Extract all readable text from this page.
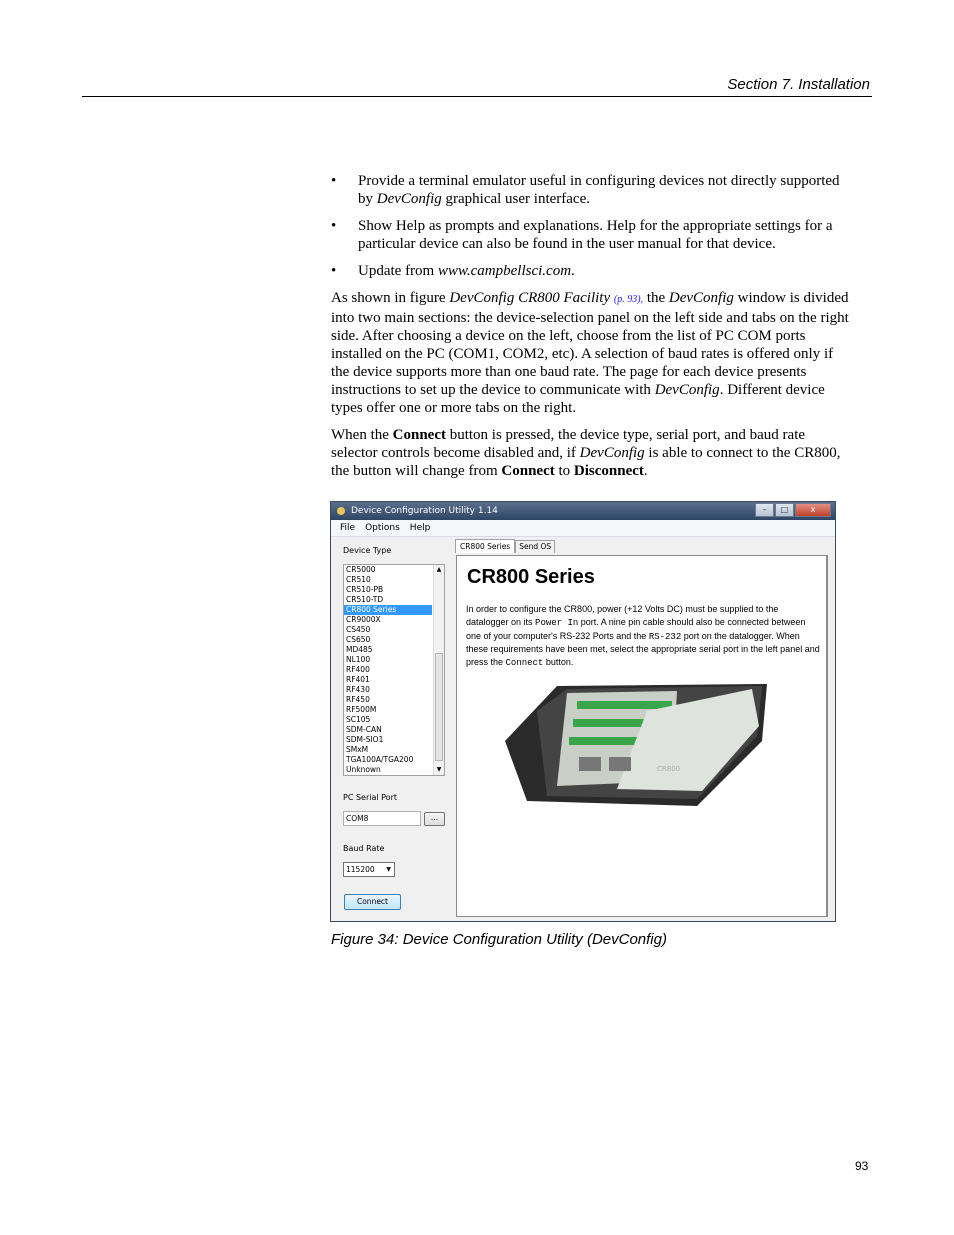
Section 7. Installation
• Provide a terminal emulator useful in configuring devices not directly supported by DevConfig graphical user interface.
• Show Help as prompts and explanations. Help for the appropriate settings for a particular device can also be found in the user manual for that device.
• Update from www.campbellsci.com.

As shown in figure DevConfig CR800 Facility (p. 93), the DevConfig window is divided into two main sections: the device-selection panel on the left side and tabs on the right side. After choosing a device on the left, choose from the list of PC COM ports installed on the PC (COM1, COM2, etc). A selection of baud rates is offered only if the device supports more than one baud rate. The page for each device presents instructions to set up the device to communicate with DevConfig. Different device types offer one or more tabs on the right.

When the Connect button is pressed, the device type, serial port, and baud rate selector controls become disabled and, if DevConfig is able to connect to the CR800, the button will change from Connect to Disconnect.

Device Configuration Utility 1.14	–	□	x
File Options Help
Device Type
CR5000
CR510
CR510-PB
CR510-TD
CR800 Series
CR9000X
CS450
CS650
MD485
NL100
RF400
RF401
RF430
RF450
RF500M
SC105
SDM-CAN
SDM-SIO1
SMxM
TGA100A/TGA200
Unknown
▲
▼
PC Serial Port
COM8	...
Baud Rate
115200 ▼
Connect
CR800 Series	Send OS
CR800 Series
In order to configure the CR800, power (+12 Volts DC) must be supplied to the datalogger on its Power In port. A nine pin cable should also be connected between one of your computer's RS-232 Ports and the RS-232 port on the datalogger. When these requirements have been met, select the appropriate serial port in the left panel and press the Connect button.
CR800
Figure 34: Device Configuration Utility (DevConfig)
93
